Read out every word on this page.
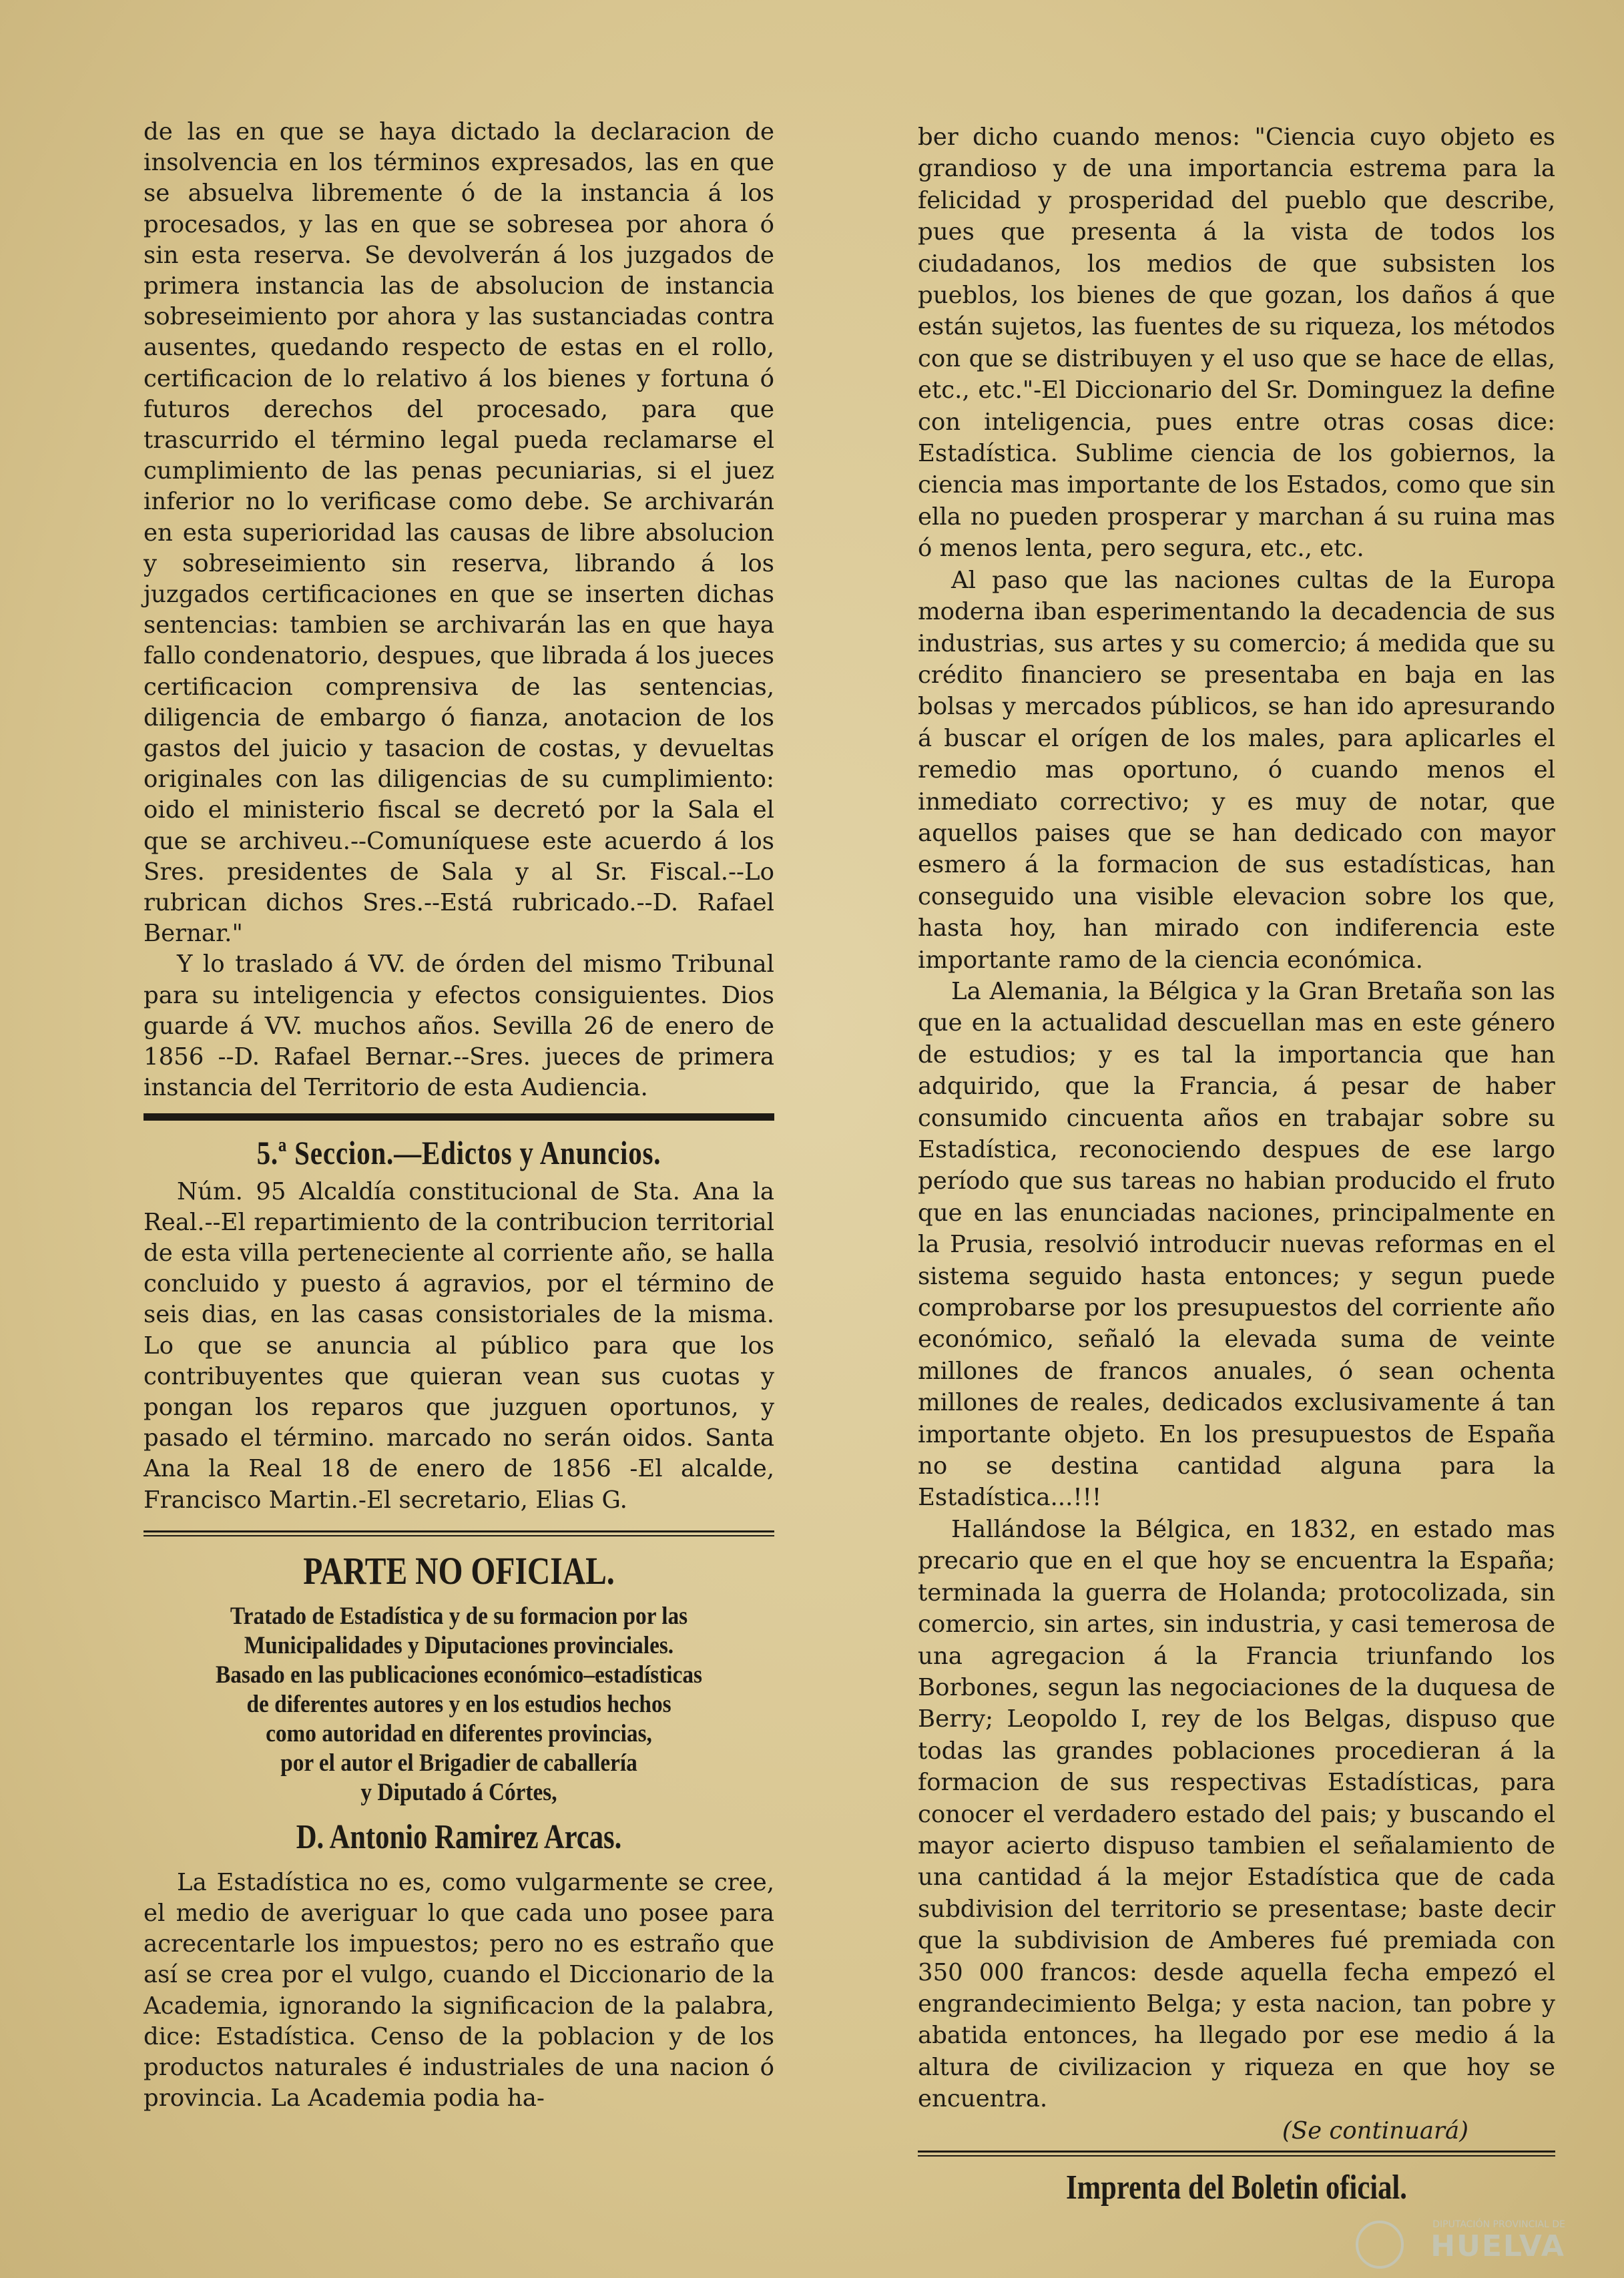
de las en que se haya dictado la declaracion de insolvencia en los términos expresados, las en que se absuelva libremente ó de la instancia á los procesados, y las en que se sobresea por ahora ó sin esta reserva. Se devolverán á los juzgados de primera instancia las de absolucion de instancia sobreseimiento por ahora y las sustanciadas contra ausentes, quedando respecto de estas en el rollo, certificacion de lo relativo á los bienes y fortuna ó futuros derechos del procesado, para que trascurrido el término legal pueda reclamarse el cumplimiento de las penas pecuniarias, si el juez inferior no lo verificase como debe. Se archivarán en esta superioridad las causas de libre absolucion y sobreseimiento sin reserva, librando á los juzgados certificaciones en que se inserten dichas sentencias: tambien se archivarán las en que haya fallo condenatorio, despues, que librada á los jueces certificacion comprensiva de las sentencias, diligencia de embargo ó fianza, anotacion de los gastos del juicio y tasacion de costas, y devueltas originales con las diligencias de su cumplimiento: oido el ministerio fiscal se decretó por la Sala el que se archiveu.--Comuníquese este acuerdo á los Sres. presidentes de Sala y al Sr. Fiscal.--Lo rubrican dichos Sres.--Está rubricado.--D. Rafael Bernar."

Y lo traslado á VV. de órden del mismo Tribunal para su inteligencia y efectos consiguientes. Dios guarde á VV. muchos años. Sevilla 26 de enero de 1856 --D. Rafael Bernar.--Sres. jueces de primera instancia del Territorio de esta Audiencia.

5.ª Seccion.—Edictos y Anuncios.

Núm. 95 Alcaldía constitucional de Sta. Ana la Real.--El repartimiento de la contribucion territorial de esta villa perteneciente al corriente año, se halla concluido y puesto á agravios, por el término de seis dias, en las casas consistoriales de la misma. Lo que se anuncia al público para que los contribuyentes que quieran vean sus cuotas y pongan los reparos que juzguen oportunos, y pasado el término. marcado no serán oidos. Santa Ana la Real 18 de enero de 1856 -El alcalde, Francisco Martin.-El secretario, Elias G.

PARTE NO OFICIAL.
Tratado de Estadística y de su formacion por las
Municipalidades y Diputaciones provinciales.
Basado en las publicaciones económico–estadísticas
de diferentes autores y en los estudios hechos
como autoridad en diferentes provincias,
por el autor el Brigadier de caballería
y Diputado á Córtes,
D. Antonio Ramirez Arcas.

La Estadística no es, como vulgarmente se cree, el medio de averiguar lo que cada uno posee para acrecentarle los impuestos; pero no es estraño que así se crea por el vulgo, cuando el Diccionario de la Academia, ignorando la significacion de la palabra, dice: Estadística. Censo de la poblacion y de los productos naturales é industriales de una nacion ó provincia. La Academia podia ha-

ber dicho cuando menos: "Ciencia cuyo objeto es grandioso y de una importancia estrema para la felicidad y prosperidad del pueblo que describe, pues que presenta á la vista de todos los ciudadanos, los medios de que subsisten los pueblos, los bienes de que gozan, los daños á que están sujetos, las fuentes de su riqueza, los métodos con que se distribuyen y el uso que se hace de ellas, etc., etc."-El Diccionario del Sr. Dominguez la define con inteligencia, pues entre otras cosas dice: Estadística. Sublime ciencia de los gobiernos, la ciencia mas importante de los Estados, como que sin ella no pueden prosperar y marchan á su ruina mas ó menos lenta, pero segura, etc., etc.

Al paso que las naciones cultas de la Europa moderna iban esperimentando la decadencia de sus industrias, sus artes y su comercio; á medida que su crédito financiero se presentaba en baja en las bolsas y mercados públicos, se han ido apresurando á buscar el orígen de los males, para aplicarles el remedio mas oportuno, ó cuando menos el inmediato correctivo; y es muy de notar, que aquellos paises que se han dedicado con mayor esmero á la formacion de sus estadísticas, han conseguido una visible elevacion sobre los que, hasta hoy, han mirado con indiferencia este importante ramo de la ciencia económica.

La Alemania, la Bélgica y la Gran Bretaña son las que en la actualidad descuellan mas en este género de estudios; y es tal la importancia que han adquirido, que la Francia, á pesar de haber consumido cincuenta años en trabajar sobre su Estadística, reconociendo despues de ese largo período que sus tareas no habian producido el fruto que en las enunciadas naciones, principalmente en la Prusia, resolvió introducir nuevas reformas en el sistema seguido hasta entonces; y segun puede comprobarse por los presupuestos del corriente año económico, señaló la elevada suma de veinte millones de francos anuales, ó sean ochenta millones de reales, dedicados exclusivamente á tan importante objeto. En los presupuestos de España no se destina cantidad alguna para la Estadística...!!!

Hallándose la Bélgica, en 1832, en estado mas precario que en el que hoy se encuentra la España; terminada la guerra de Holanda; protocolizada, sin comercio, sin artes, sin industria, y casi temerosa de una agregacion á la Francia triunfando los Borbones, segun las negociaciones de la duquesa de Berry; Leopoldo I, rey de los Belgas, dispuso que todas las grandes poblaciones procedieran á la formacion de sus respectivas Estadísticas, para conocer el verdadero estado del pais; y buscando el mayor acierto dispuso tambien el señalamiento de una cantidad á la mejor Estadística que de cada subdivision del territorio se presentase; baste decir que la subdivision de Amberes fué premiada con 350 000 francos: desde aquella fecha empezó el engrandecimiento Belga; y esta nacion, tan pobre y abatida entonces, ha llegado por ese medio á la altura de civilizacion y riqueza en que hoy se encuentra.

(Se continuará)

Imprenta del Boletin oficial.
DIPUTACIÓN PROVINCIAL DE
HUELVA
